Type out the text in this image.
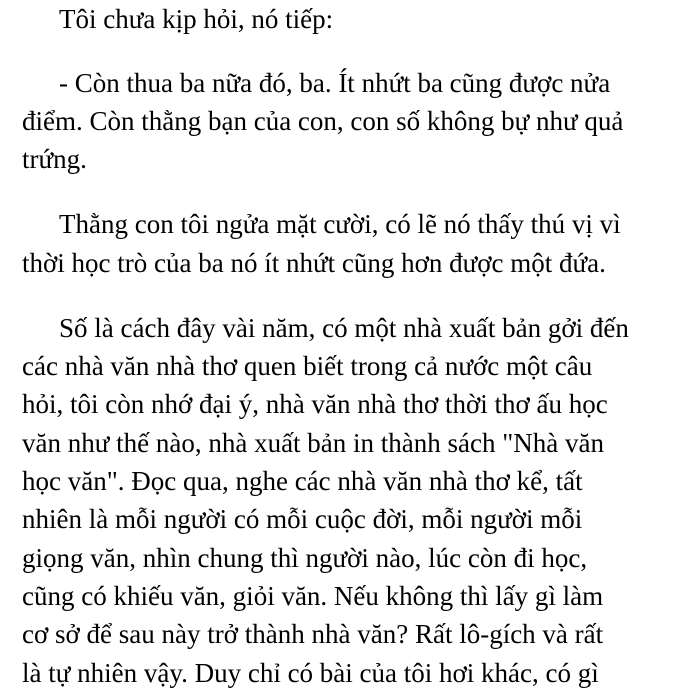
Tôi chưa kịp hỏi, nó tiếp:
- Còn thua ba nữa đó, ba. Ít nhứt ba cũng được nửa
điểm. Còn thằng bạn của con, con số không bự như quả
trứng.
Thằng con tôi ngửa mặt cười, có lẽ nó thấy thú vị vì
thời học trò của ba nó ít nhứt cũng hơn được một đứa.
Số là cách đây vài năm, có một nhà xuất bản gởi đến
các nhà văn nhà thơ quen biết trong cả nước một câu
hỏi, tôi còn nhớ đại ý, nhà văn nhà thơ thời thơ ấu học
văn như thế nào, nhà xuất bản in thành sách "Nhà văn
học văn". Đọc qua, nghe các nhà văn nhà thơ kể, tất
nhiên là mỗi người có mỗi cuộc đời, mỗi người mỗi
giọng văn, nhìn chung thì người nào, lúc còn đi học,
cũng có khiếu văn, giỏi văn. Nếu không thì lấy gì làm
cơ sở để sau này trở thành nhà văn? Rất lô-gích và rất
là tự nhiên vậy. Duy chỉ có bài của tôi hơi khác, có gì
